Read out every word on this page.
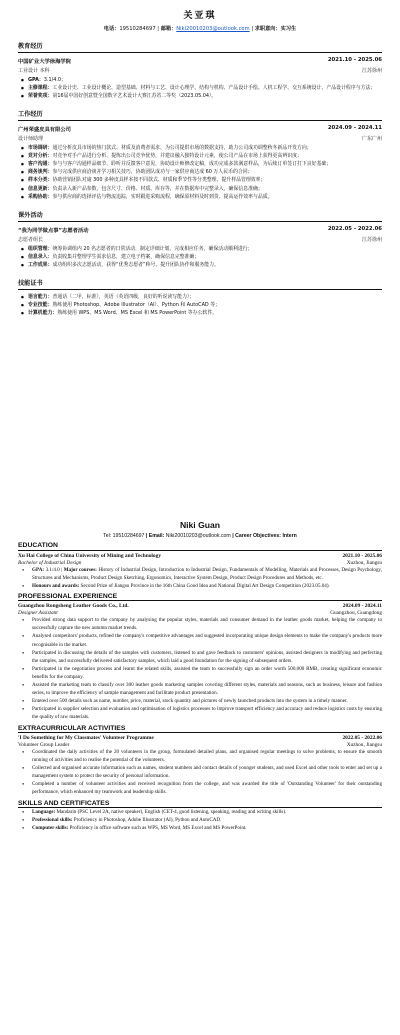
关亚琪
电话：19510284697 | 邮箱：Niki20010203@outlook.com | 求职意向：实习生
教育经历
中国矿业大学徐海学院	2021.10 - 2025.06
工业设计 本科	江苏徐州
● GPA：3.1/4.0；
● 主修课程：工业设计史、工业设计概论、造型基础、材料与工艺、设计心理学、结构与机构、产品设计手绘、人机工程学、交互系统设计、产品设计程序与方法；
● 荣誉奖项：第16届中国好创意暨全国数字艺术设计大赛江苏省二等奖（2023.05.04）。
工作经历
广州荣盛皮具有限公司	2024.09 - 2024.11
设计师助理	广东广州
● 市场调研：通过分析皮具市场的热门款式、材质及消费者需求，为公司提供市场的数据支持，助力公司成功调整秋冬新品开发方向；
● 竞对分析：对竞争对手产品进行分析，提炼出公司竞争优势，并建议融入独特设计元素，使公司产品在市场上获得更高辨识度；
● 客户沟通：参与与客户沟通样品细节，聆听并反馈客户意见，协助设计师修改定稿，成功完成多款满意样品，为后续订单签订打下良好基础；
● 商务谈判：参与完成供应商洽谈并学习相关技巧，协助团队成功与一家供应商达成 60 万人民币的合同；
● 样本分类：协助营销团队对逾 300 多种皮具样本按不同款式、材质和季节性等分类整理，提升样品管理效率；
● 信息更新：负责录入新产品参数，包含尺寸、价格、材质、库存等，并在数据库中完整录入，确保信息准确；
● 采购协助：参与供应商的选择评估与物流追踪，实时跟进采购流程，确保原材料及时到货、提高运作效率与品质。
课外活动
“我为同学做点事”志愿者活动	2022.05 - 2022.06
志愿者组长	江苏徐州
● 组织管理：统筹协调组内 20 名志愿者的日常活动，制定详细计划，完成相应任务，确保活动顺利进行；
● 信息录入：负责收集并整理学生需求信息，建立电子档案，确保信息完整准确；
● 工作成果：成功组织多次志愿活动，获得“优秀志愿者”称号，提升团队协作和服务能力。
技能证书
● 语言能力：普通话（二甲，标准），英语（英语四级，良好的听说读写能力）；
● 专业技能：熟练使用 Photoshop、Adobe Illustrator（AI）、Python 和 AutoCAD 等；
● 计算机能力：熟练使用 WPS、MS Word、MS Excel 和 MS PowerPoint 等办公软件。
Niki Guan
Tel: 19510284697 | Email: Niki20010203@outlook.com | Career Objectives: Intern
EDUCATION
Xu Hai College of China University of Mining and Technology	2021.10 - 2025.06
Bachelor of Industrial Design	Xuzhou, Jiangsu
● GPA: 3.1/4.0 | Major courses: History of Industrial Design, Introduction to Industrial Design, Fundamentals of Modelling, Materials and Processes, Design Psychology, Structures and Mechanisms, Product Design Sketching, Ergonomics, Interactive System Design, Product Design Procedures and Methods, etc.
● Honours and awards: Second Prize of Jiangsu Province in the 16th China Good Idea and National Digital Art Design Competition (2023.05.04).
PROFESSIONAL EXPERIENCE
Guangzhou Rongsheng Leather Goods Co., Ltd.	2024.09 - 2024.11
Designer Assistant	Guangzhou, Guangdong
● Provided strong data support to the company by analysing the popular styles, materials and consumer demand in the leather goods market, helping the company to successfully capture the new autumn market trends.
● Analysed competitors' products, refined the company's competitive advantages and suggested incorporating unique design elements to make the company's products more recognisable in the market.
● Participated in discussing the details of the samples with customers, listened to and gave feedback to customers' opinions, assisted designers in modifying and perfecting the samples, and successfully delivered satisfactory samples, which laid a good foundation for the signing of subsequent orders.
● Participated in the negotiation process and learnt the related skills, assisted the team to successfully sign an order worth 500,000 RMB, creating significant economic benefits for the company.
● Assisted the marketing team to classify over 300 leather goods marketing samples covering different styles, materials and seasons, such as business, leisure and fashion series, to improve the efficiency of sample management and facilitate product presentation.
● Entered over 500 details such as name, number, price, material, stock quantity and pictures of newly launched products into the system in a timely manner.
● Participated in supplier selection and evaluation and optimisation of logistics processes to improve transport efficiency and accuracy and reduce logistics costs by ensuring the quality of raw materials.
EXTRACURRICULAR ACTIVITIES
'I Do Something for My Classmates' Volunteer Programme	2022.05 - 2022.06
Volunteer Group Leader	Xuzhou, Jiangsu
● Coordinated the daily activities of the 20 volunteers in the group, formulated detailed plans, and organised regular meetings to solve problems, to ensure the smooth running of activities and to realise the potential of the volunteers.
● Collected and organised accurate information such as names, student numbers and contact details of younger students, and used Excel and other tools to enter and set up a management system to protect the security of personal information.
● Completed a number of volunteer activities and received recognition from the college, and was awarded the title of 'Outstanding Volunteer' for their outstanding performance, which enhanced my teamwork and leadership skills.
SKILLS AND CERTIFICATES
● Language: Mandarin (PSC Level 2A, native speaker), English (CET-4, good listening, speaking, reading and writing skills).
● Professional skills: Proficiency in Photoshop, Adobe Illustrator (AI), Python and AutoCAD.
● Computer skills: Proficiency in office software such as WPS, MS Word, MS Excel and MS PowerPoint.
